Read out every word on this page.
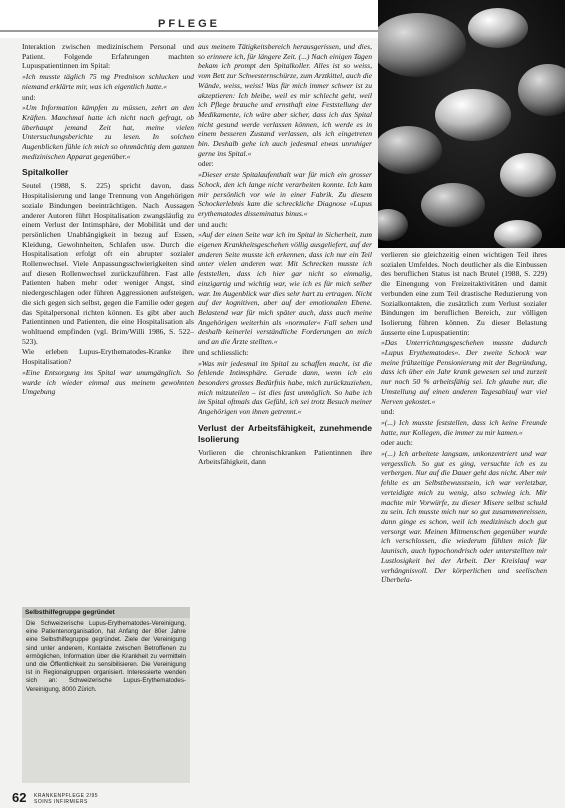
PFLEGE

Interaktion zwischen medizinischem Personal und Patient. Folgende Erfahrungen machten Lupuspatientinnen im Spital:

»Ich musste täglich 75 mg Prednison schlucken und niemand erklärte mir, was ich eigentlich hatte.«

und:

»Um Information kämpfen zu müssen, zehrt an den Kräften. Manchmal hatte ich nicht nach gefragt, ob überhaupt jemand Zeit hat, meine vielen Untersuchungsberichte zu lesen. In solchen Augenblicken fühle ich mich so ohnmächtig dem ganzen medizinischen Apparat gegenüber.«

Spitalkoller

Seutel (1988, S. 225) spricht davon, dass Hospitalisierung und lange Trennung von Angehörigen soziale Bindungen beeinträchtigen. Nach Aussagen anderer Autoren führt Hospitalisation zwangsläufig zu einem Verlust der Intimsphäre, der Mobilität und der persönlichen Unabhängigkeit in bezug auf Essen, Kleidung, Gewohnheiten, Schlafen usw. Durch die Hospitalisation erfolgt oft ein abrupter sozialer Rollenwechsel. Viele Anpassungsschwierigkeiten sind auf diesen Rollenwechsel zurückzuführen. Fast alle Patienten haben mehr oder weniger Angst, sind niedergeschlagen oder führen Aggressionen aufsteigen, die sich gegen sich selbst, gegen die Familie oder gegen das Spitalpersonal richten können. Es gibt aber auch Patientinnen und Patienten, die eine Hospitalisation als wohltuend empfinden (vgl. Brim/Willi 1986, S. 522–523).

Wie erleben Lupus-Erythematodes-Kranke ihre Hospitalisation?

»Eine Entsorgung ins Spital war unumgänglich. So wurde ich wieder einmal aus meinem gewohnten Umgebung

Selbsthilfegruppe gegründet

Die Schweizerische Lupus-Erythematodes-Vereinigung, eine Patientenorganisation, hat Anfang der 80er Jahre eine Selbsthilfegruppe gegründet. Ziele der Vereinigung sind unter anderem, Kontakte zwischen Betroffenen zu ermöglichen, Information über die Krankheit zu vermitteln und die Öffentlichkeit zu sensibilisieren. Die Vereinigung ist in Regionalgruppen organisiert. Interessierte wenden sich an: Schweizerische Lupus-Erythematodes-Vereinigung, 8000 Zürich.

aus meinem Tätigkeitsbereich herausgerissen, und dies, so erinnere ich, für längere Zeit. (...) Nach einigen Tagen bekam ich prompt den Spitalkoller. Alles ist so weiss, vom Bett zur Schwesternschürze, zum Arztkittel, auch die Wände, weiss, weiss! Was für mich immer schwer ist zu akzeptieren: Ich bleibe, weil es mir schlecht geht, weil ich Pflege brauche und ernsthaft eine Feststellung der Medikamente, ich wäre aber sicher, dass ich das Spital nicht gesund werde verlassen können, ich werde es in einem besseren Zustand verlassen, als ich eingetreten bin. Deshalb gehe ich auch jedesmal etwas unruhiger gerne ins Spital.«

oder:

»Dieser erste Spitalaufenthalt war für mich ein grosser Schock, den ich lange nicht verarbeiten konnte. Ich kam mir persönlich vor wie in einer Fabrik. Zu diesem Schockerlebnis kam die schreckliche Diagnose »Lupus erythematodes disseminatus binus.«

und auch:

»Auf der einen Seite war ich im Spital in Sicherheit, zum eigenen Krankheitsgeschehen völlig ausgeliefert, auf der anderen Seite musste ich erkennen, dass ich nur ein Teil unter vielen anderen war. Mit Schrecken musste ich feststellen, dass ich hier gar nicht so einmalig, einzigartig und wichtig war, wie ich es für mich selber war. Im Augenblick war dies sehr hart zu ertragen. Nicht auf der kognitiven, aber auf der emotionalen Ebene. Belastend war für mich später auch, dass auch meine Angehörigen weiterhin als »normaler« Fall sehen und deshalb keinerlei verständliche Forderungen an mich und an die Ärzte stellten.«

und schliesslich:

»Was mir jedesmal im Spital zu schaffen macht, ist die fehlende Intimsphäre. Gerade dann, wenn ich ein besonders grosses Bedürfnis habe, mich zurückzuziehen, mich mitzuteilen – ist dies fast unmöglich. So habe ich im Spital oftmals das Gefühl, ich sei trotz Besuch meiner Angehörigen von ihnen getrennt.«

Verlust der Arbeitsfähigkeit, zunehmende Isolierung

Vorlieren die chronischkranken Patientinnen ihre Arbeitsfähigkeit, dann

verlieren sie gleichzeitig einen wichtigen Teil ihres sozialen Umfeldes. Noch deutlicher als die Einbussen des beruflichen Status ist nach Brutel (1988, S. 229) die Einengung von Freizeitaktivitäten und damit verbunden eine zum Teil drastische Reduzierung von Sozialkontakten, die zusätzlich zum Verlust sozialer Bindungen im beruflichen Bereich, zur völligen Isolierung führen können. Zu dieser Belastung äusserte eine Lupuspatientin:

»Das Unterrichtungsgeschehen musste dadurch »Lupus Erythematodes«. Der zweite Schock war meine frühzeitige Pensionierung mit der Begründung, dass ich über ein Jahr krank gewesen sei und zurzeit nur noch 50 % arbeitsfähig sei. Ich glaube nur, die Umstellung auf einen anderen Tagesablauf war viel Nerven gekostet.«

und:

»(...) Ich musste feststellen, dass ich keine Freunde hatte, nur Kollegen, die immer zu mir kamen.«

oder auch:

»(...) Ich arbeitete langsam, unkonzentriert und war vergesslich. So gut es ging, versuchte ich es zu verbergen. Nur auf die Dauer geht das nicht. Aber mir fehlte es an Selbstbewusstsein, ich war verletzbar, verteidigte mich zu wenig, also schwieg ich. Mir machte mir Vorwürfe, zu dieser Misere selbst schuld zu sein. Ich musste mich nur so gut zusammenreissen, dann ginge es schon, weil ich medizinisch doch gut versorgt war. Meinen Mitmenschen gegenüber wurde ich verschlossen, die wiederum fühlten mich für launisch, auch hypochondrisch oder unterstellten mir Lustlosigkeit bei der Arbeit. Der Kreislauf war verhängnisvoll. Der körperlichen und seelischen Überbela-

62 KRANKENPFLEGE 2/95
SOINS INFIRMIERS
